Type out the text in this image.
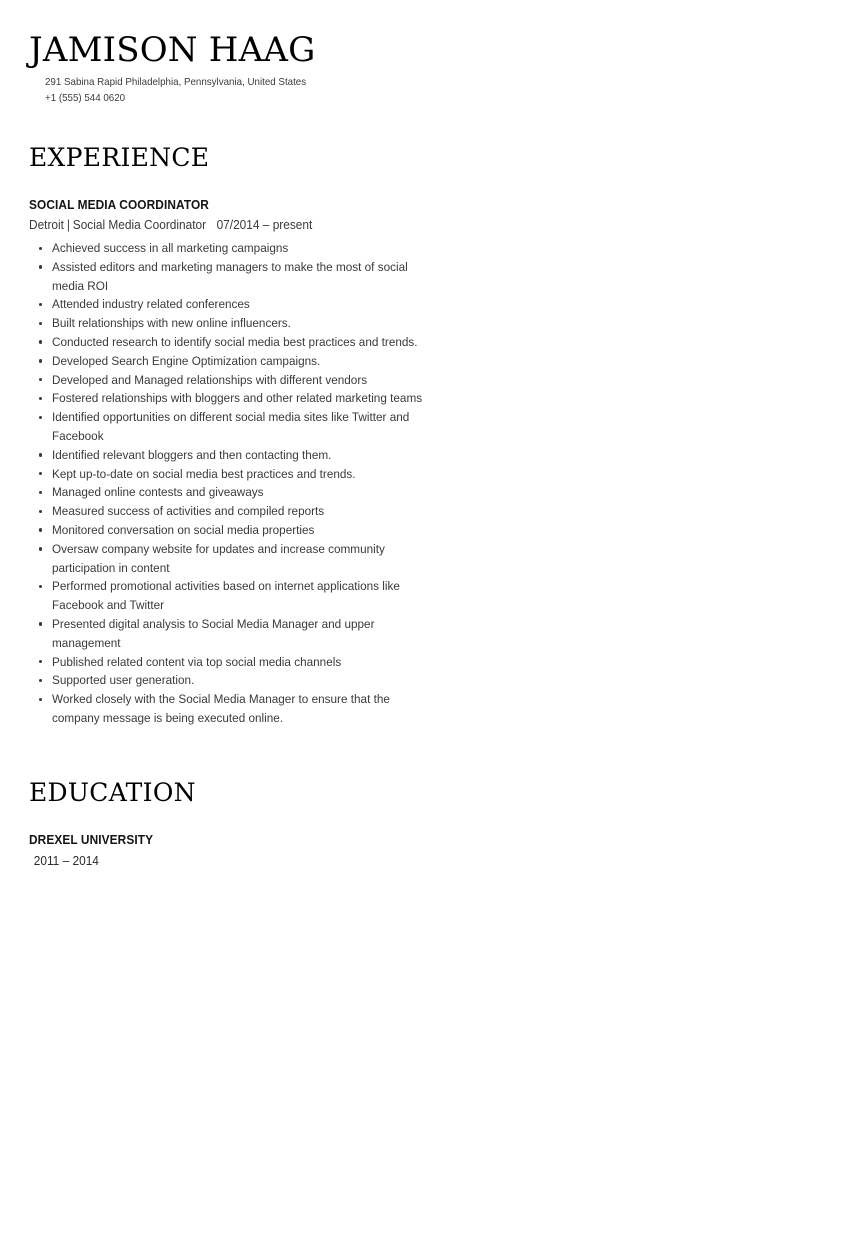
JAMISON HAAG
291 Sabina Rapid Philadelphia, Pennsylvania, United States
+1 (555) 544 0620
EXPERIENCE
SOCIAL MEDIA COORDINATOR
Detroit | Social Media Coordinator 07/2014 – present
Achieved success in all marketing campaigns
Assisted editors and marketing managers to make the most of social media ROI
Attended industry related conferences
Built relationships with new online influencers.
Conducted research to identify social media best practices and trends.
Developed Search Engine Optimization campaigns.
Developed and Managed relationships with different vendors
Fostered relationships with bloggers and other related marketing teams
Identified opportunities on different social media sites like Twitter and Facebook
Identified relevant bloggers and then contacting them.
Kept up-to-date on social media best practices and trends.
Managed online contests and giveaways
Measured success of activities and compiled reports
Monitored conversation on social media properties
Oversaw company website for updates and increase community participation in content
Performed promotional activities based on internet applications like Facebook and Twitter
Presented digital analysis to Social Media Manager and upper management
Published related content via top social media channels
Supported user generation.
Worked closely with the Social Media Manager to ensure that the company message is being executed online.
EDUCATION
DREXEL UNIVERSITY
2011 – 2014
